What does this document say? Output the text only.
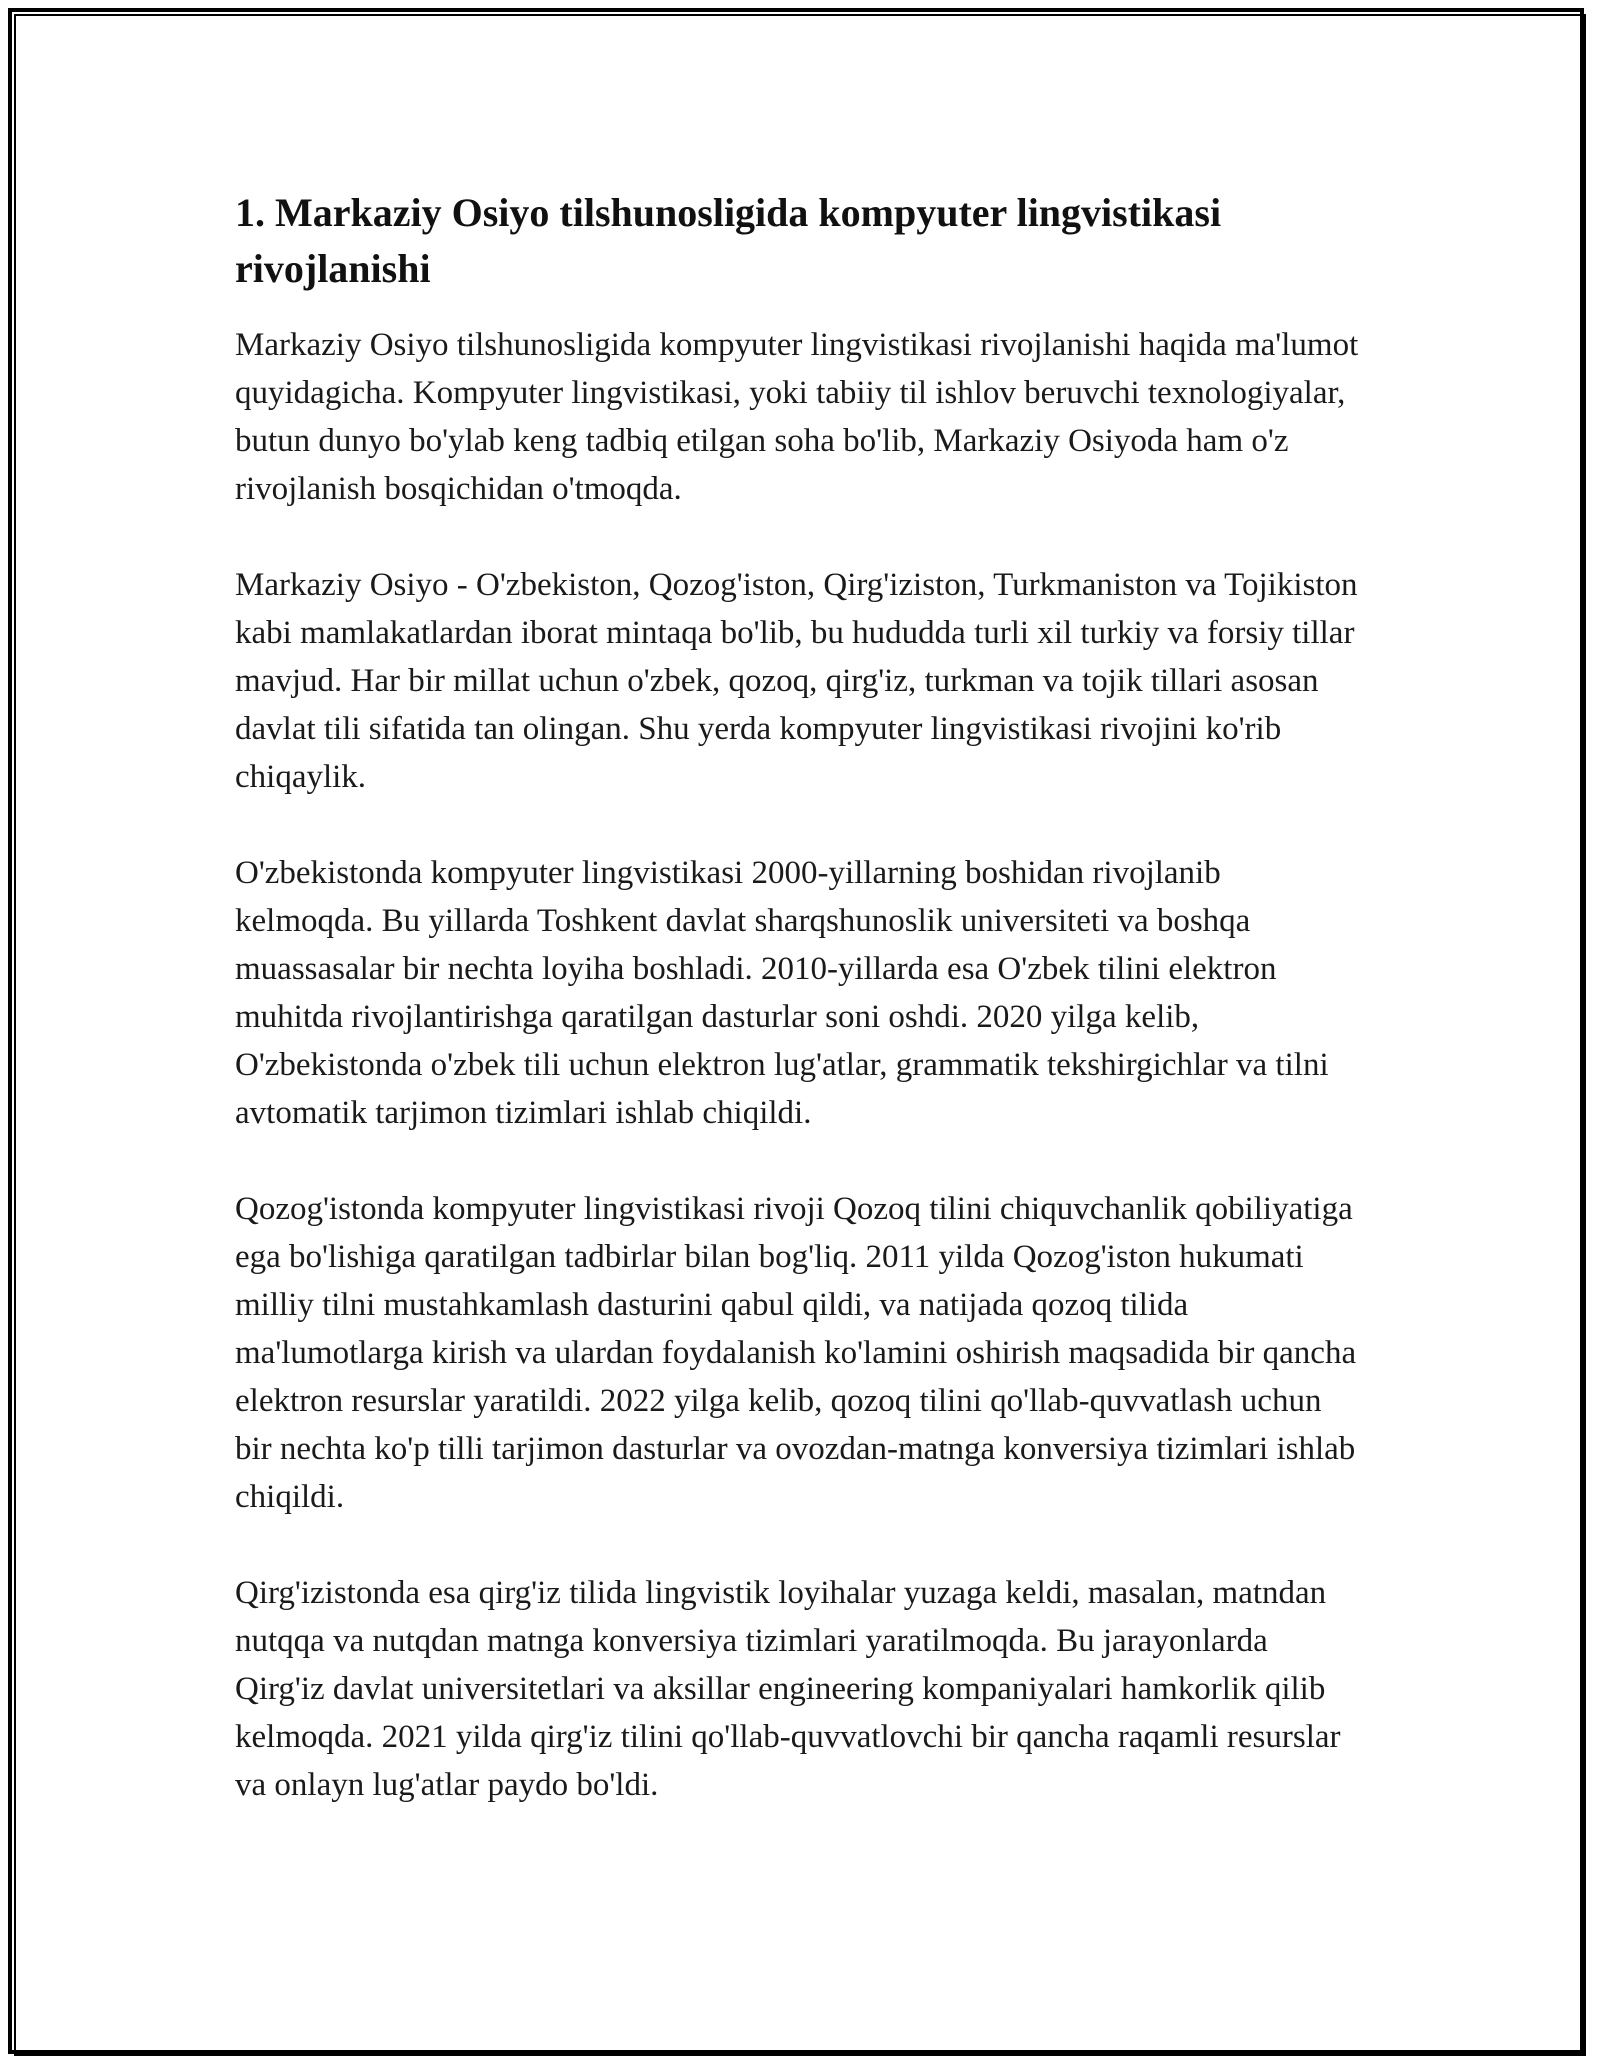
1. Markaziy Osiyo tilshunosligida kompyuter lingvistikasi rivojlanishi

Markaziy Osiyo tilshunosligida kompyuter lingvistikasi rivojlanishi haqida ma'lumot quyidagicha. Kompyuter lingvistikasi, yoki tabiiy til ishlov beruvchi texnologiyalar, butun dunyo bo'ylab keng tadbiq etilgan soha bo'lib, Markaziy Osiyoda ham o'z rivojlanish bosqichidan o'tmoqda.

Markaziy Osiyo - O'zbekiston, Qozog'iston, Qirg'iziston, Turkmaniston va Tojikiston kabi mamlakatlardan iborat mintaqa bo'lib, bu hududda turli xil turkiy va forsiy tillar mavjud. Har bir millat uchun o'zbek, qozoq, qirg'iz, turkman va tojik tillari asosan davlat tili sifatida tan olingan. Shu yerda kompyuter lingvistikasi rivojini ko'rib chiqaylik.

O'zbekistonda kompyuter lingvistikasi 2000-yillarning boshidan rivojlanib kelmoqda. Bu yillarda Toshkent davlat sharqshunoslik universiteti va boshqa muassasalar bir nechta loyiha boshladi. 2010-yillarda esa O'zbek tilini elektron muhitda rivojlantirishga qaratilgan dasturlar soni oshdi. 2020 yilga kelib, O'zbekistonda o'zbek tili uchun elektron lug'atlar, grammatik tekshirgichlar va tilni avtomatik tarjimon tizimlari ishlab chiqildi.

Qozog'istonda kompyuter lingvistikasi rivoji Qozoq tilini chiquvchanlik qobiliyatiga ega bo'lishiga qaratilgan tadbirlar bilan bog'liq. 2011 yilda Qozog'iston hukumati milliy tilni mustahkamlash dasturini qabul qildi, va natijada qozoq tilida ma'lumotlarga kirish va ulardan foydalanish ko'lamini oshirish maqsadida bir qancha elektron resurslar yaratildi. 2022 yilga kelib, qozoq tilini qo'llab-quvvatlash uchun bir nechta ko'p tilli tarjimon dasturlar va ovozdan-matnga konversiya tizimlari ishlab chiqildi.

Qirg'izistonda esa qirg'iz tilida lingvistik loyihalar yuzaga keldi, masalan, matndan nutqqa va nutqdan matnga konversiya tizimlari yaratilmoqda. Bu jarayonlarda Qirg'iz davlat universitetlari va aksillar engineering kompaniyalari hamkorlik qilib kelmoqda. 2021 yilda qirg'iz tilini qo'llab-quvvatlovchi bir qancha raqamli resurslar va onlayn lug'atlar paydo bo'ldi.
